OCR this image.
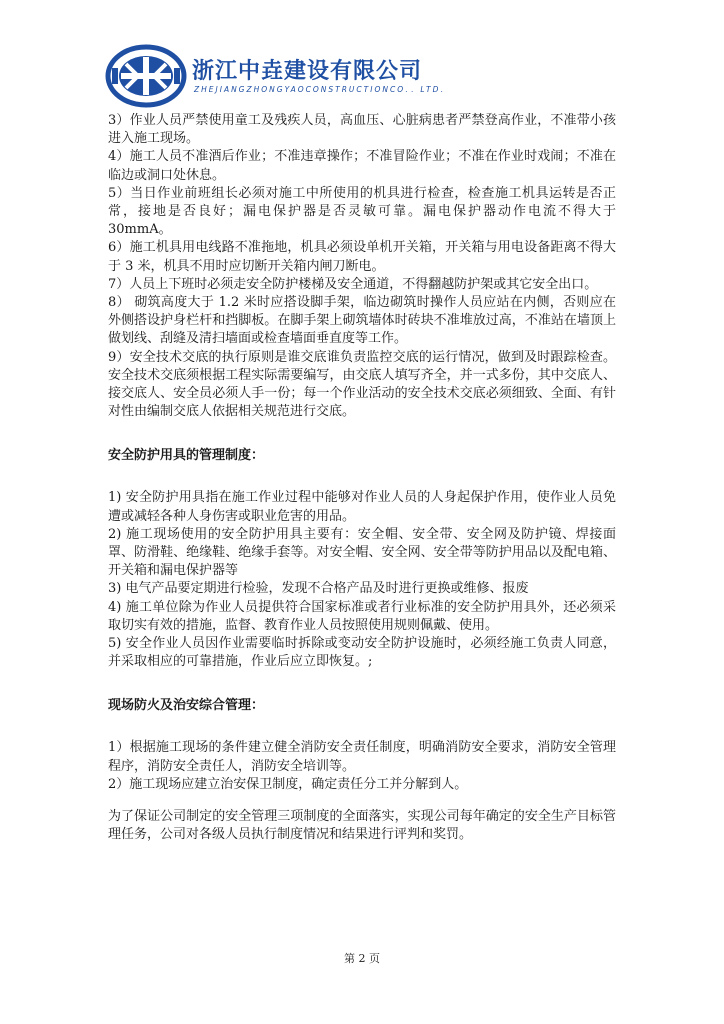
浙江中垚建设有限公司
ZHEJIANGZHONGYAOCONSTRUCTIONCO．．LTD．

3）作业人员严禁使用童工及残疾人员，高血压、心脏病患者严禁登高作业，不准带小孩进入施工现场。

4）施工人员不准酒后作业；不准违章操作；不准冒险作业；不准在作业时戏闹；不准在临边或洞口处休息。

5）当日作业前班组长必须对施工中所使用的机具进行检查，检查施工机具运转是否正常，接地是否良好；漏电保护器是否灵敏可靠。漏电保护器动作电流不得大于 30mmA。

6）施工机具用电线路不准拖地，机具必须设单机开关箱，开关箱与用电设备距离不得大于 3 米，机具不用时应切断开关箱内闸刀断电。

7）人员上下班时必须走安全防护楼梯及安全通道，不得翻越防护架或其它安全出口。

8） 砌筑高度大于 1.2 米时应搭设脚手架，临边砌筑时操作人员应站在内侧，否则应在外侧搭设护身栏杆和挡脚板。在脚手架上砌筑墙体时砖块不准堆放过高，不准站在墙顶上做划线、刮缝及清扫墙面或检查墙面垂直度等工作。

9）安全技术交底的执行原则是谁交底谁负责监控交底的运行情况，做到及时跟踪检查。安全技术交底须根据工程实际需要编写，由交底人填写齐全，并一式多份，其中交底人、接交底人、安全员必须人手一份；每一个作业活动的安全技术交底必须细致、全面、有针对性由编制交底人依据相关规范进行交底。

安全防护用具的管理制度：

1) 安全防护用具指在施工作业过程中能够对作业人员的人身起保护作用，使作业人员免遭或减轻各种人身伤害或职业危害的用品。

2) 施工现场使用的安全防护用具主要有：安全帽、安全带、安全网及防护镜、焊接面罩、防滑鞋、绝缘鞋、绝缘手套等。对安全帽、安全网、安全带等防护用品以及配电箱、开关箱和漏电保护器等

3) 电气产品要定期进行检验，发现不合格产品及时进行更换或维修、报废

4) 施工单位除为作业人员提供符合国家标准或者行业标准的安全防护用具外，还必须采取切实有效的措施，监督、教育作业人员按照使用规则佩戴、使用。

5) 安全作业人员因作业需要临时拆除或变动安全防护设施时，必须经施工负责人同意，并采取相应的可靠措施，作业后应立即恢复。;

现场防火及治安综合管理：

1）根据施工现场的条件建立健全消防安全责任制度，明确消防安全要求，消防安全管理程序，消防安全责任人，消防安全培训等。

2）施工现场应建立治安保卫制度，确定责任分工并分解到人。

为了保证公司制定的安全管理三项制度的全面落实，实现公司每年确定的安全生产目标管理任务，公司对各级人员执行制度情况和结果进行评判和奖罚。

第 2 页
